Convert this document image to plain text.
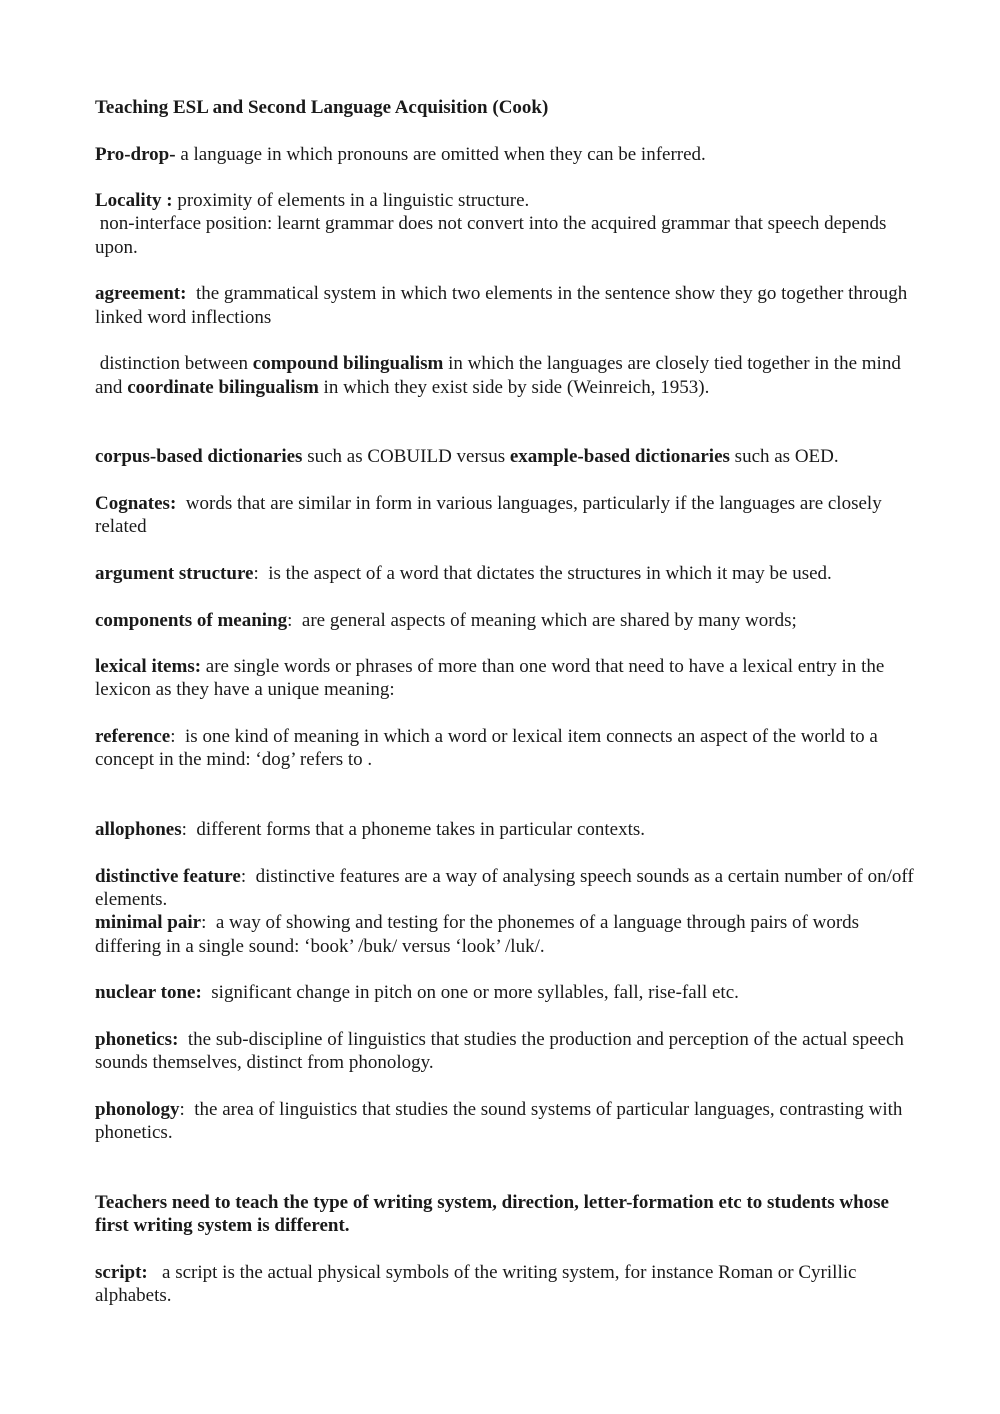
Teaching ESL and Second Language Acquisition (Cook)

Pro-drop- a language in which pronouns are omitted when they can be inferred.

Locality : proximity of elements in a linguistic structure.

non-interface position: learnt grammar does not convert into the acquired grammar that speech depends upon.

agreement:  the grammatical system in which two elements in the sentence show they go together through linked word inflections

distinction between compound bilingualism in which the languages are closely tied together in the mind and coordinate bilingualism in which they exist side by side (Weinreich, 1953).

corpus-based dictionaries such as COBUILD versus example-based dictionaries such as OED.

Cognates:  words that are similar in form in various languages, particularly if the languages are closely related

argument structure:  is the aspect of a word that dictates the structures in which it may be used.

components of meaning:  are general aspects of meaning which are shared by many words;

lexical items: are single words or phrases of more than one word that need to have a lexical entry in the lexicon as they have a unique meaning:

reference:  is one kind of meaning in which a word or lexical item connects an aspect of the world to a concept in the mind: ‘dog’ refers to .

allophones:  different forms that a phoneme takes in particular contexts.

distinctive feature:  distinctive features are a way of analysing speech sounds as a certain number of on/off elements.

minimal pair:  a way of showing and testing for the phonemes of a language through pairs of words differing in a single sound: ‘book’ /buk/ versus ‘look’ /luk/.

nuclear tone:  significant change in pitch on one or more syllables, fall, rise-fall etc.

phonetics:  the sub-discipline of linguistics that studies the production and perception of the actual speech sounds themselves, distinct from phonology.

phonology:  the area of linguistics that studies the sound systems of particular languages, contrasting with phonetics.

Teachers need to teach the type of writing system, direction, letter-formation etc to students whose first writing system is different.

script:   a script is the actual physical symbols of the writing system, for instance Roman or Cyrillic alphabets.
